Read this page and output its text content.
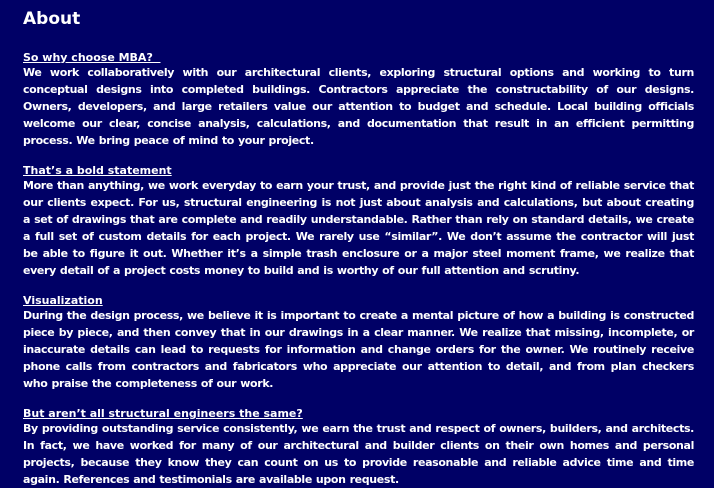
About
So why choose MBA?
We work collaboratively with our architectural clients, exploring structural options and working to turn conceptual designs into completed buildings. Contractors appreciate the constructability of our designs. Owners, developers, and large retailers value our attention to budget and schedule. Local building officials welcome our clear, concise analysis, calculations, and documentation that result in an efficient permitting process. We bring peace of mind to your project.
That’s a bold statement
More than anything, we work everyday to earn your trust, and provide just the right kind of reliable service that our clients expect. For us, structural engineering is not just about analysis and calculations, but about creating a set of drawings that are complete and readily understandable. Rather than rely on standard details, we create a full set of custom details for each project. We rarely use “similar”. We don’t assume the contractor will just be able to figure it out. Whether it’s a simple trash enclosure or a major steel moment frame, we realize that every detail of a project costs money to build and is worthy of our full attention and scrutiny.
Visualization
During the design process, we believe it is important to create a mental picture of how a building is constructed piece by piece, and then convey that in our drawings in a clear manner. We realize that missing, incomplete, or inaccurate details can lead to requests for information and change orders for the owner. We routinely receive phone calls from contractors and fabricators who appreciate our attention to detail, and from plan checkers who praise the completeness of our work.
But aren’t all structural engineers the same?
By providing outstanding service consistently, we earn the trust and respect of owners, builders, and architects. In fact, we have worked for many of our architectural and builder clients on their own homes and personal projects, because they know they can count on us to provide reasonable and reliable advice time and time again. References and testimonials are available upon request.
